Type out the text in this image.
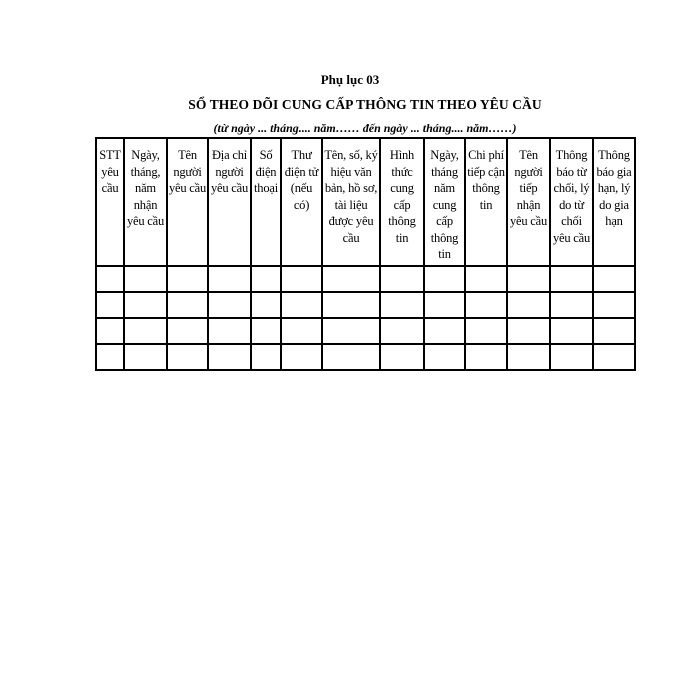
Phụ lục 03
SỔ THEO DÕI CUNG CẤP THÔNG TIN THEO YÊU CẦU
(từ ngày ... tháng.... năm…… đến ngày ... tháng.... năm……)
STT yêu cầu	Ngày, tháng, năm nhận yêu cầu	Tên người yêu cầu	Địa chỉ người yêu cầu	Số điện thoại	Thư điện tử (nếu có)	Tên, số, ký hiệu văn bản, hồ sơ, tài liệu được yêu cầu	Hình thức cung cấp thông tin	Ngày, tháng năm cung cấp thông tin	Chi phí tiếp cận thông tin	Tên người tiếp nhận yêu cầu	Thông báo từ chối, lý do từ chối yêu cầu	Thông báo gia hạn, lý do gia hạn
